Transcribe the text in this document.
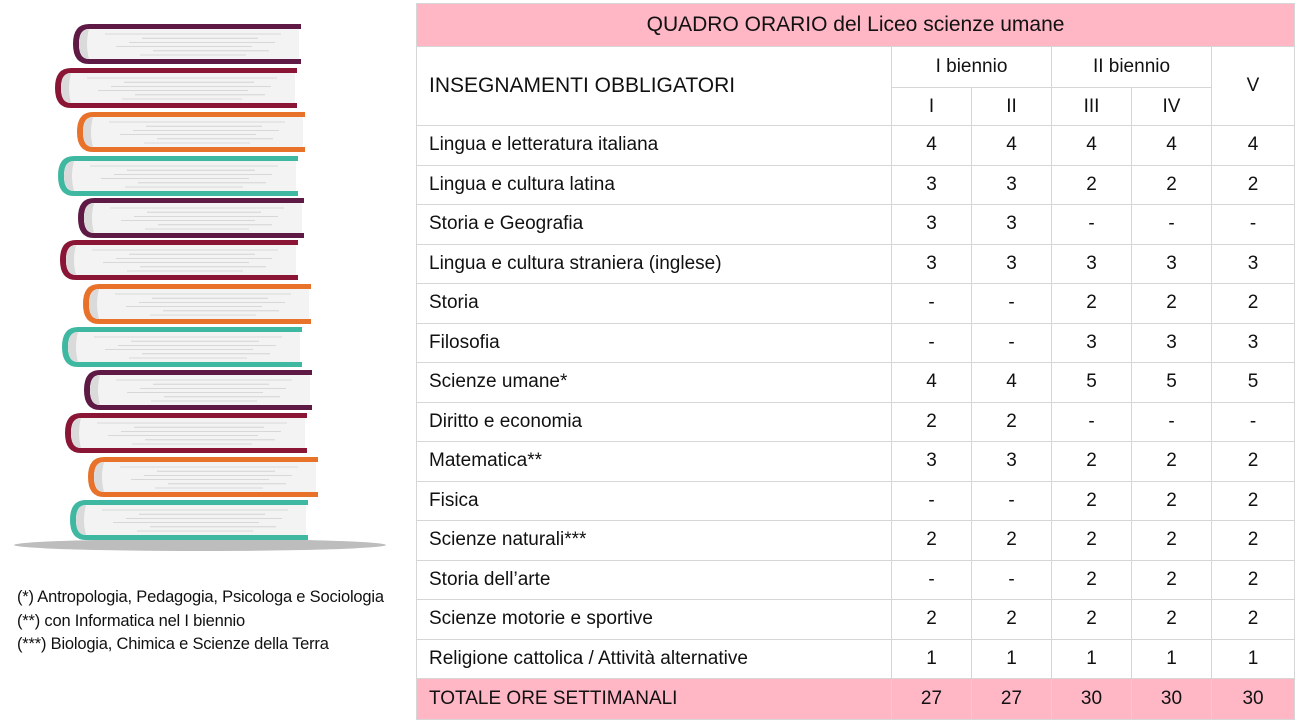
(*) Antropologia, Pedagogia, Psicologa e Sociologia
(**) con Informatica nel I biennio
(***) Biologia, Chimica e Scienze della Terra
QUADRO ORARIO del Liceo scienze umane					
INSEGNAMENTI OBBLIGATORI	I biennio		II biennio		V
	I	II	III	IV	
Lingua e letteratura italiana	4	4	4	4	4
Lingua e cultura latina	3	3	2	2	2
Storia e Geografia	3	3	-	-	-
Lingua e cultura straniera (inglese)	3	3	3	3	3
Storia	-	-	2	2	2
Filosofia	-	-	3	3	3
Scienze umane*	4	4	5	5	5
Diritto e economia	2	2	-	-	-
Matematica**	3	3	2	2	2
Fisica	-	-	2	2	2
Scienze naturali***	2	2	2	2	2
Storia dell’arte	-	-	2	2	2
Scienze motorie e sportive	2	2	2	2	2
Religione cattolica / Attività alternative	1	1	1	1	1
TOTALE ORE SETTIMANALI	27	27	30	30	30
